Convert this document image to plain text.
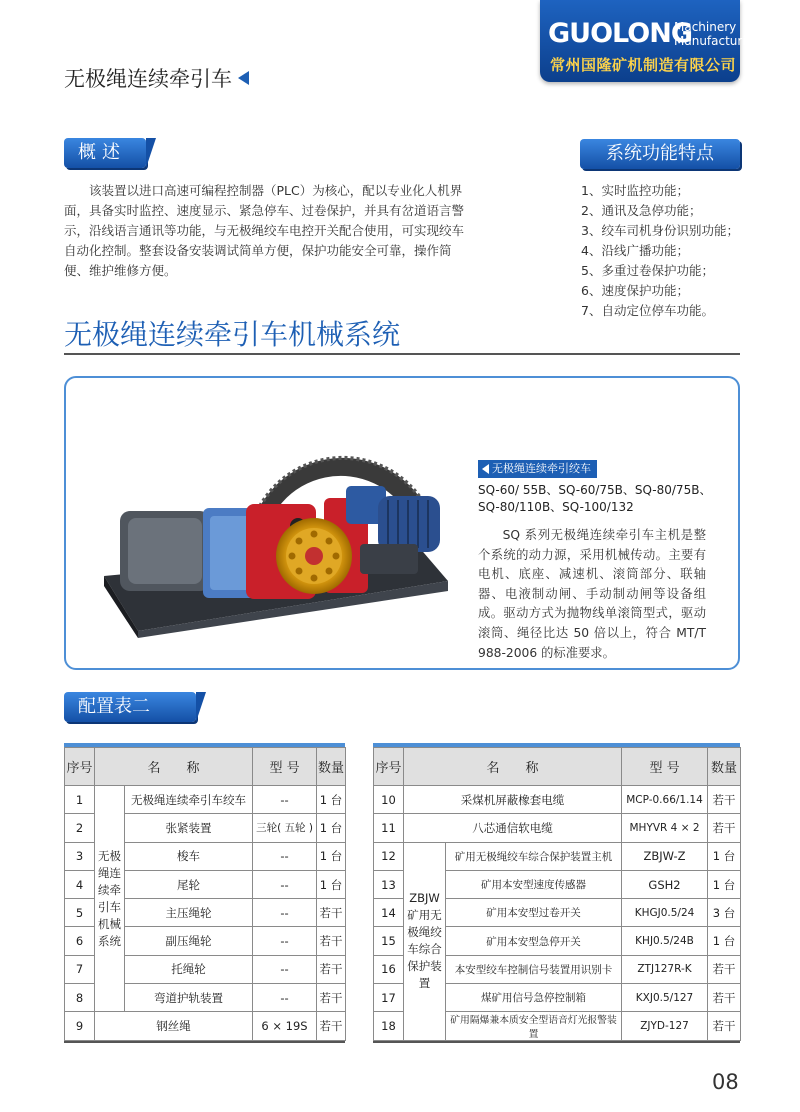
无极绳连续牵引车
GUOLONG
Machinery
Manufacturing
常州国隆矿机制造有限公司
概述

该装置以进口高速可编程控制器（PLC）为核心，配以专业化人机界面，具备实时监控、速度显示、紧急停车、过卷保护，并具有岔道语言警示，沿线语言通讯等功能，与无极绳绞车电控开关配合使用，可实现绞车自动化控制。整套设备安装调试简单方便，保护功能安全可靠，操作简便、维护维修方便。

系统功能特点
1、实时监控功能；
2、通讯及急停功能；
3、绞车司机身份识别功能；
4、沿线广播功能；
5、多重过卷保护功能；
6、速度保护功能；
7、自动定位停车功能。
无极绳连续牵引车机械系统
无极绳连续牵引绞车
SQ-60/ 55B、SQ-60/75B、SQ-80/75B、
SQ-80/110B、SQ-100/132

SQ 系列无极绳连续牵引车主机是整个系统的动力源，采用机械传动。主要有电机、底座、减速机、滚筒部分、联轴器、电液制动闸、手动制动闸等设备组成。驱动方式为抛物线单滚筒型式，驱动滚筒、绳径比达 50 倍以上，符合 MT/T 988-2006 的标准要求。

配置表二
序号	名　　称		型 号	数量
1	无极绳连续牵引车机械系统	无极绳连续牵引车绞车	--	1 台
2		张紧装置	三轮( 五轮 )	1 台
3		梭车	--	1 台
4		尾轮	--	1 台
5		主压绳轮	--	若干
6		副压绳轮	--	若干
7		托绳轮	--	若干
8		弯道护轨装置	--	若干
9	钢丝绳		6 × 19S	若干
序号	名　　称		型 号	数量
10	采煤机屏蔽橡套电缆		MCP-0.66/1.14	若干
11	八芯通信软电缆		MHYVR 4 × 2	若干
12	ZBJW矿用无极绳绞车综合保护装置	矿用无极绳绞车综合保护装置主机	ZBJW-Z	1 台
13		矿用本安型速度传感器	GSH2	1 台
14		矿用本安型过卷开关	KHGJ0.5/24	3 台
15		矿用本安型急停开关	KHJ0.5/24B	1 台
16		本安型绞车控制信号装置用识别卡	ZTJ127R-K	若干
17		煤矿用信号急停控制箱	KXJ0.5/127	若干
18		矿用隔爆兼本质安全型语音灯光报警装置	ZJYD-127	若干
08
